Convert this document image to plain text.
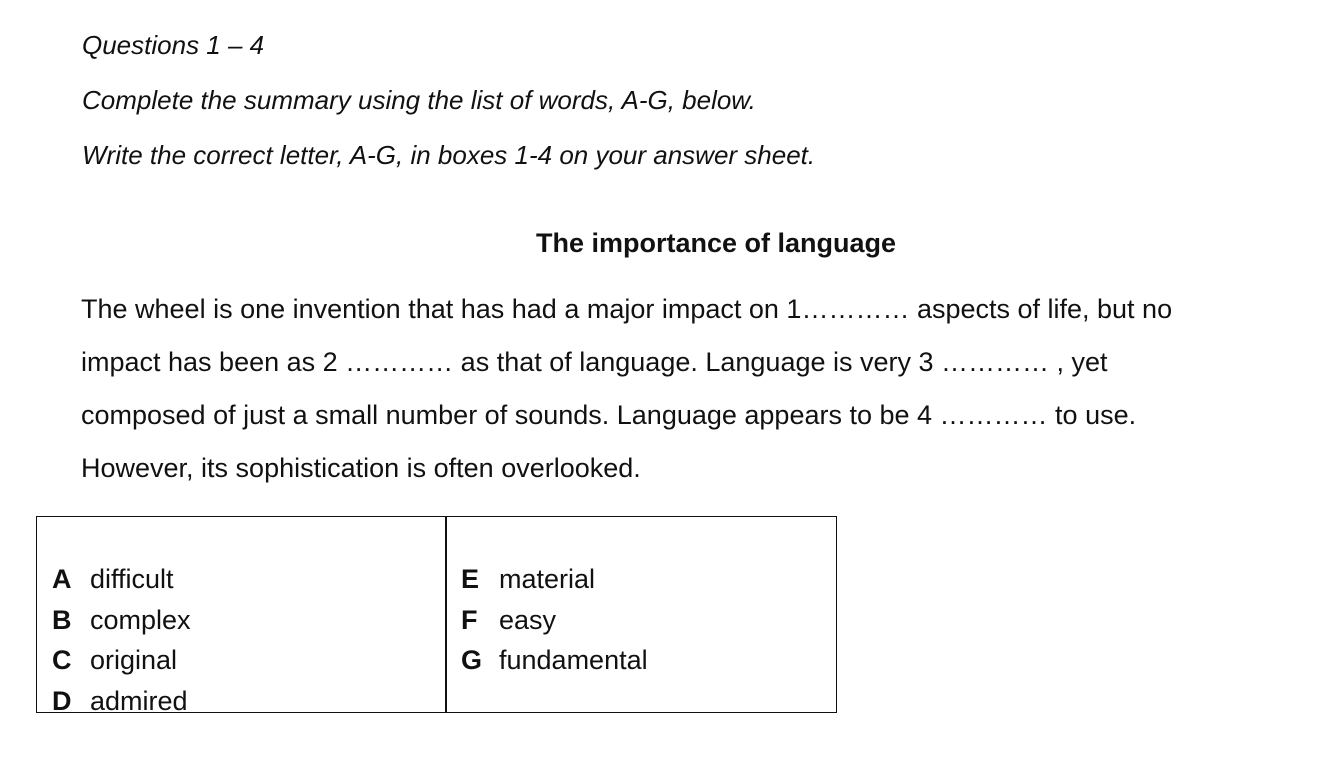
Questions 1 – 4
Complete the summary using the list of words, A-G, below.
Write the correct letter, A-G, in boxes 1-4 on your answer sheet.
The importance of language
The wheel is one invention that has had a major impact on 1………… aspects of life, but no
impact has been as 2 ………… as that of language. Language is very 3 ………… , yet
composed of just a small number of sounds. Language appears to be 4 ………… to use.
However, its sophistication is often overlooked.
A difficult
B complex
C original
D admired
E material
F easy
G fundamental
